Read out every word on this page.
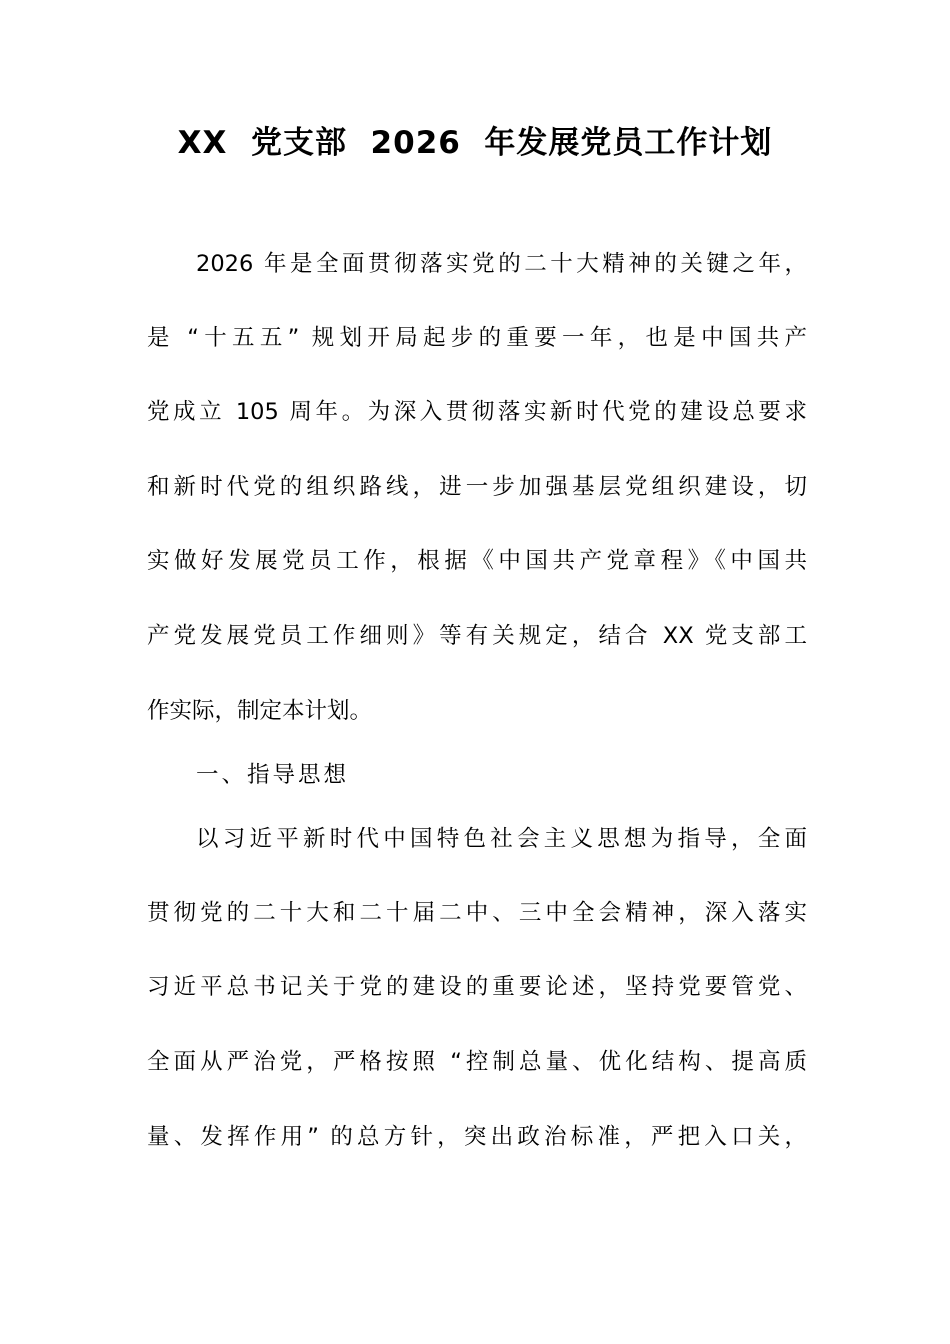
XX  党支部  2026  年发展党员工作计划
2026 年是全面贯彻落实党的二十大精神的关键之年，
是 “十五五” 规划开局起步的重要一年，也是中国共产
党成立 105 周年。为深入贯彻落实新时代党的建设总要求
和新时代党的组织路线，进一步加强基层党组织建设，切
实做好发展党员工作，根据《中国共产党章程》《中国共
产党发展党员工作细则》等有关规定，结合 XX 党支部工
作实际，制定本计划。
一、指导思想
以习近平新时代中国特色社会主义思想为指导，全面
贯彻党的二十大和二十届二中、三中全会精神，深入落实
习近平总书记关于党的建设的重要论述，坚持党要管党、
全面从严治党，严格按照 “控制总量、优化结构、提高质
量、发挥作用” 的总方针，突出政治标准，严把入口关，
